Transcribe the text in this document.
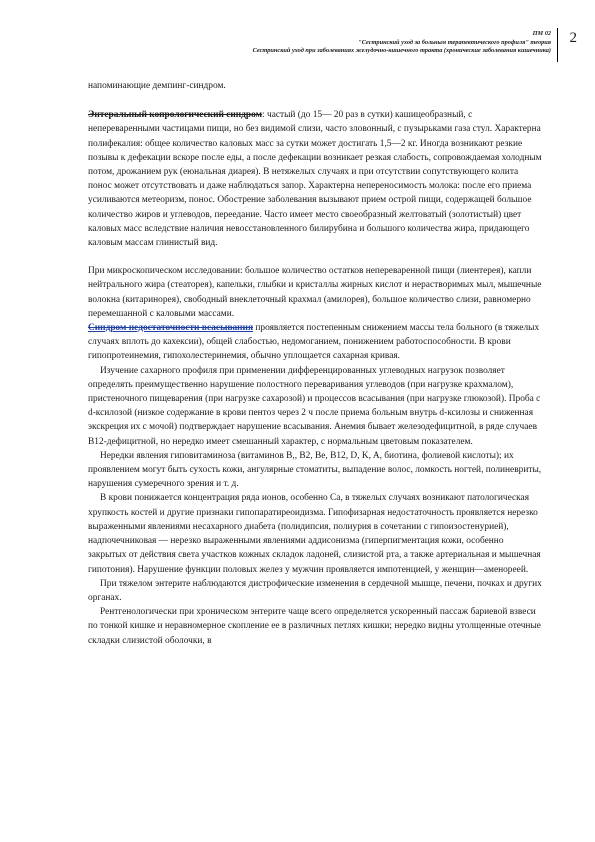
ПМ 02
"Сестринский уход за больным терапевтического профиля" теория
Сестринский уход при заболеваниях желудочно-кишечного тракта (хронические заболевания кишечника)
2

напоминающие демпинг-синдром.

Энтеральный копрологический синдром: частый (до 15— 20 раз в сутки) кашицеобразный, с непереваренными частицами пищи, но без видимой слизи, часто зловонный, с пузырьками газа стул. Характерна полифекалия: общее количество каловых масс за сутки может достигать 1,5—2 кг. Иногда возникают резкие позывы к дефекации вскоре после еды, а после дефекации возникает резкая слабость, сопровождаемая холодным потом, дрожанием рук (еюнальная диарея). В нетяжелых случаях и при отсутствии сопутствующего колита понос может отсутствовать и даже наблюдаться запор. Характерна непереносимость молока: после его приема усиливаются метеоризм, понос. Обострение заболевания вызывают прием острой пищи, содержащей большое количество жиров и углеводов, переедание. Часто имеет место своеобразный желтоватый (золотистый) цвет каловых масс вследствие наличия невосстановленного билирубина и большого количества жира, придающего каловым массам глинистый вид.

При микроскопическом исследовании: большое количество остатков непереваренной пищи (лиентерея), капли нейтрального жира (стеаторея), капельки, глыбки и кристаллы жирных кислот и нерастворимых мыл, мышечные волокна (китаринорея), свободный внеклеточный крахмал (амилорея), большое количество слизи, равномерно перемешанной с каловыми массами.

Синдром недостаточности всасывания проявляется постепенным снижением массы тела больного (в тяжелых случаях вплоть до кахексии), общей слабостью, недомоганием, понижением работоспособности. В крови гипопротеинемия, гипохолестеринемия, обычно уплощается сахарная кривая.

Изучение сахарного профиля при применении дифференцированных углеводных нагрузок позволяет определять преимущественно нарушение полостного переваривания углеводов (при нагрузке крахмалом), пристеночного пищеварения (при нагрузке сахарозой) и процессов всасывания (при нагрузке глюкозой). Проба с d-ксилозой (низкое содержание в крови пентоз через 2 ч после приема больным внутрь d-ксилозы и сниженная экскреция их с мочой) подтверждает нарушение всасывания. Анемия бывает железодефицитной, в ряде случаев B12-дефицитной, но нередко имеет смешанный характер, с нормальным цветовым показателем.

Нередки явления гиповитаминоза (витаминов B,, B2, Be, B12, D, K, A, биотина, фолиевой кислоты); их проявлением могут быть сухость кожи, ангулярные стоматиты, выпадение волос, ломкость ногтей, полиневриты, нарушения сумеречного зрения и т. д.

В крови понижается концентрация ряда ионов, особенно Са, в тяжелых случаях возникают патологическая хрупкость костей и другие признаки гипопаратиреоидизма. Гипофизарная недостаточность проявляется нерезко выраженными явлениями несахарного диабета (полидипсия, полиурия в сочетании с гипоизостенурией), надпочечниковая — нерезко выраженными явлениями аддисонизма (гиперпигментация кожи, особенно закрытых от действия света участков кожных складок ладоней, слизистой рта, а также артериальная и мышечная гипотония). Нарушение функции половых желез у мужчин проявляется импотенцией, у женщин—аменореей.

При тяжелом энтерите наблюдаются дистрофические изменения в сердечной мышце, печени, почках и других органах.

Рентгенологически при хроническом энтерите чаще всего определяется ускоренный пассаж бариевой взвеси по тонкой кишке и неравномерное скопление ее в различных петлях кишки; нередко видны утолщенные отечные складки слизистой оболочки, в
